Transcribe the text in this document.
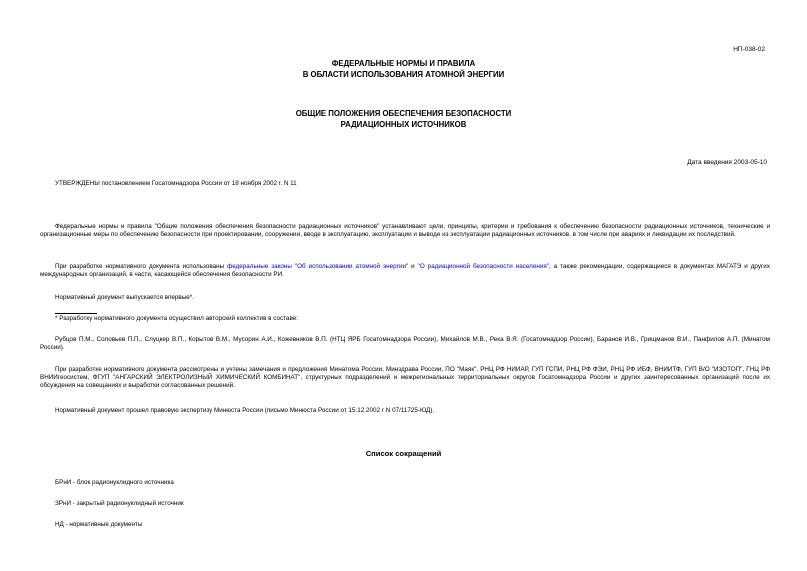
НП-038-02
ФЕДЕРАЛЬНЫЕ НОРМЫ И ПРАВИЛА
В ОБЛАСТИ ИСПОЛЬЗОВАНИЯ АТОМНОЙ ЭНЕРГИИ
ОБЩИЕ ПОЛОЖЕНИЯ ОБЕСПЕЧЕНИЯ БЕЗОПАСНОСТИ
РАДИАЦИОННЫХ ИСТОЧНИКОВ
Дата введения 2003-05-10
УТВЕРЖДЕНЫ постановлением Госатомнадзора России от 18 ноября 2002 г. N 11
Федеральные нормы и правила "Общие положения обеспечения безопасности радиационных источников" устанавливают цели, принципы, критерии и требования к обеспечению безопасности радиационных источников, технические и организационные меры по обеспечению безопасности при проектировании, сооружении, вводе в эксплуатацию, эксплуатации и выводе из эксплуатации радиационных источников, в том числе при авариях и ликвидации их последствий.
При разработке нормативного документа использованы федеральные законы "Об использовании атомной энергии" и "О радиационной безопасности населения", а также рекомендации, содержащиеся в документах МАГАТЭ и других международных организаций, в части, касающейся обеспечения безопасности РИ.
Нормативный документ выпускается впервые*.
* Разработку нормативного документа осуществил авторский коллектив в составе:
Рубцов П.М., Соловьев П.П., Слуцкер В.П., Корытов В.М., Мусорин А.И., Кожевников В.П. (НТЦ ЯРБ Госатомнадзора России), Михайлов М.В., Река В.Я. (Госатомнадзор России), Баранов И.В., Грищманов В.И., Панфилов А.П. (Минатом России).
При разработке нормативного документа рассмотрены и учтены замечания и предложения Минатома России, Минздрава России, ПО "Маяк", РНЦ РФ НИИАР, ГУП ГСПИ, РНЦ РФ ФЭИ, РНЦ РФ ИБФ, ВНИИТФ, ГУП В/О "ИЗОТОП", ГНЦ РФ ВНИИгеосистем, ФГУП "АНГАРСКИЙ ЭЛЕКТРОЛИЗНЫЙ ХИМИЧЕСКИЙ КОМБИНАТ", структурных подразделений и межрегиональных территориальных округов Госатомнадзора России и других заинтересованных организаций после их обсуждения на совещаниях и выработки согласованных решений.
Нормативный документ прошел правовую экспертизу Минюста России (письмо Минюста России от 15.12.2002 г N 07/11725-ЮД).
Список сокращений
БРнИ - блок радионуклидного источника
ЗРнИ - закрытый радионуклидный источник
НД - нормативные документы
